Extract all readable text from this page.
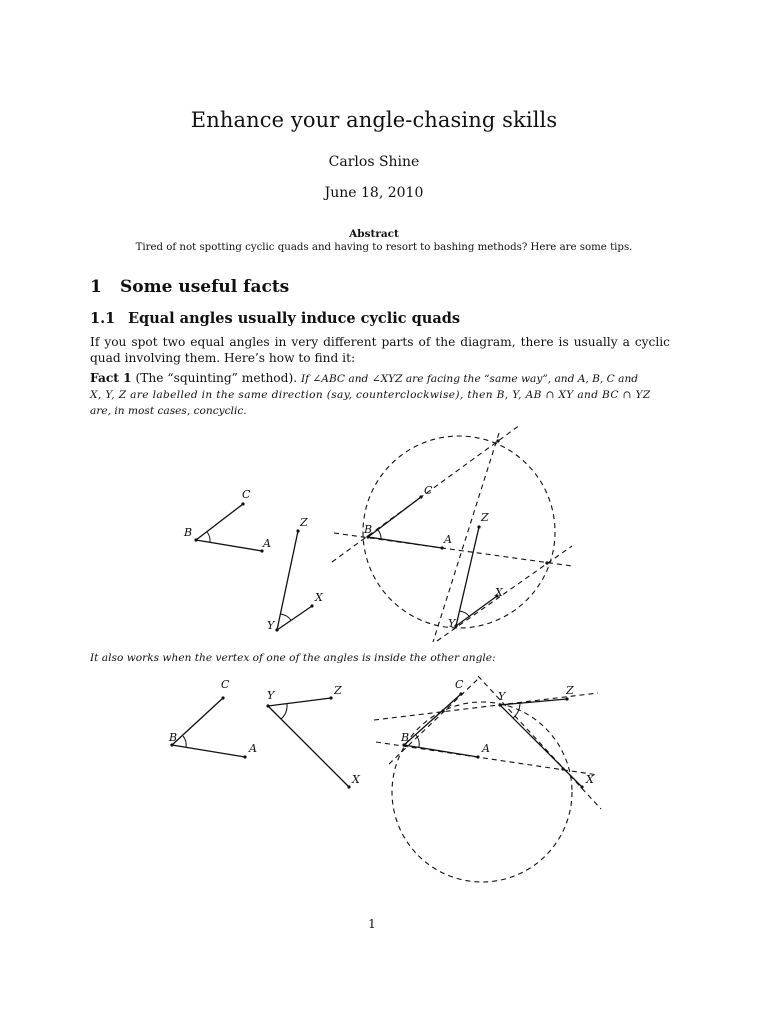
Enhance your angle-chasing skills
Carlos Shine
June 18, 2010
Abstract
Tired of not spotting cyclic quads and having to resort to bashing methods? Here are some tips.
1 Some useful facts
1.1 Equal angles usually induce cyclic quads
If you spot two equal angles in very different parts of the diagram, there is usually a cyclic quad involving them. Here’s how to find it:
Fact 1 (The “squinting” method). If ∠ABC and ∠XYZ are facing the “same way”, and A, B, C and
X, Y, Z are labelled in the same direction (say, counterclockwise), then B, Y, AB ∩ XY and BC ∩ YZ
are, in most cases, concyclic.
It also works when the vertex of one of the angles is inside the other angle:
C
B
A
Z
X
Y
C
B
A
Z
X
Y
C
B
A
Y	Z
X
C
Y	Z
B
A
X
1
